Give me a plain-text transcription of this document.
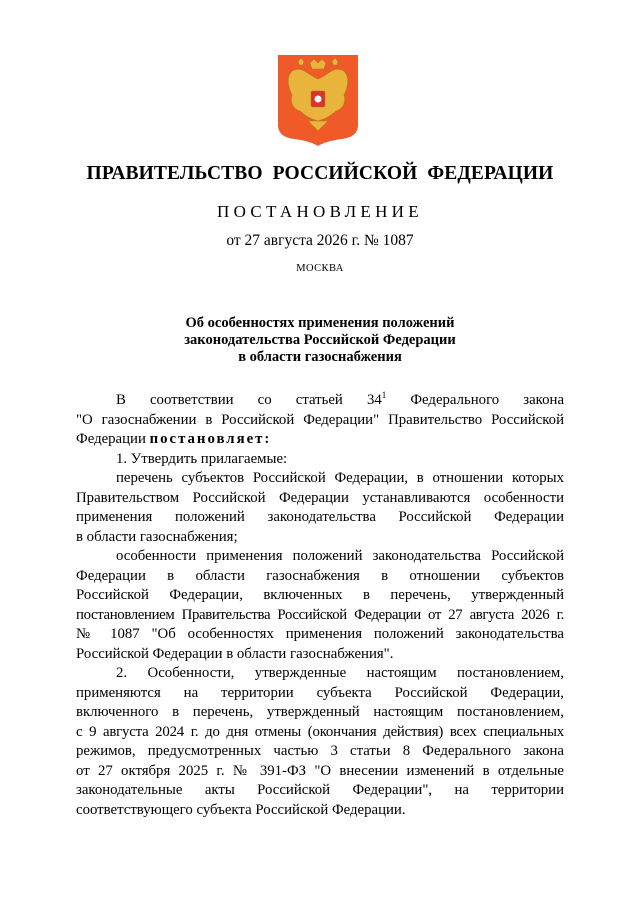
ПРАВИТЕЛЬСТВО РОССИЙСКОЙ ФЕДЕРАЦИИ
ПОСТАНОВЛЕНИЕ
от 27 августа 2026 г. № 1087
МОСКВА
Об особенностях применения положений
законодательства Российской Федерации
в области газоснабжения

В соответствии со статьей $34^1$ Федерального закона

"О газоснабжении в Российской Федерации" Правительство Российской

Федерации постановляет:

1. Утвердить прилагаемые:

перечень субъектов Российской Федерации, в отношении которых

Правительством Российской Федерации устанавливаются особенности

применения положений законодательства Российской Федерации

в области газоснабжения;

особенности применения положений законодательства Российской

Федерации в области газоснабжения в отношении субъектов

Российской Федерации, включенных в перечень, утвержденный

постановлением Правительства Российской Федерации от 27 августа 2026 г.

№ 1087 "Об особенностях применения положений законодательства

Российской Федерации в области газоснабжения".

2. Особенности, утвержденные настоящим постановлением,

применяются на территории субъекта Российской Федерации,

включенного в перечень, утвержденный настоящим постановлением,

с 9 августа 2024 г. до дня отмены (окончания действия) всех специальных

режимов, предусмотренных частью 3 статьи 8 Федерального закона

от 27 октября 2025 г. № 391-ФЗ "О внесении изменений в отдельные

законодательные акты Российской Федерации", на территории

соответствующего субъекта Российской Федерации.
